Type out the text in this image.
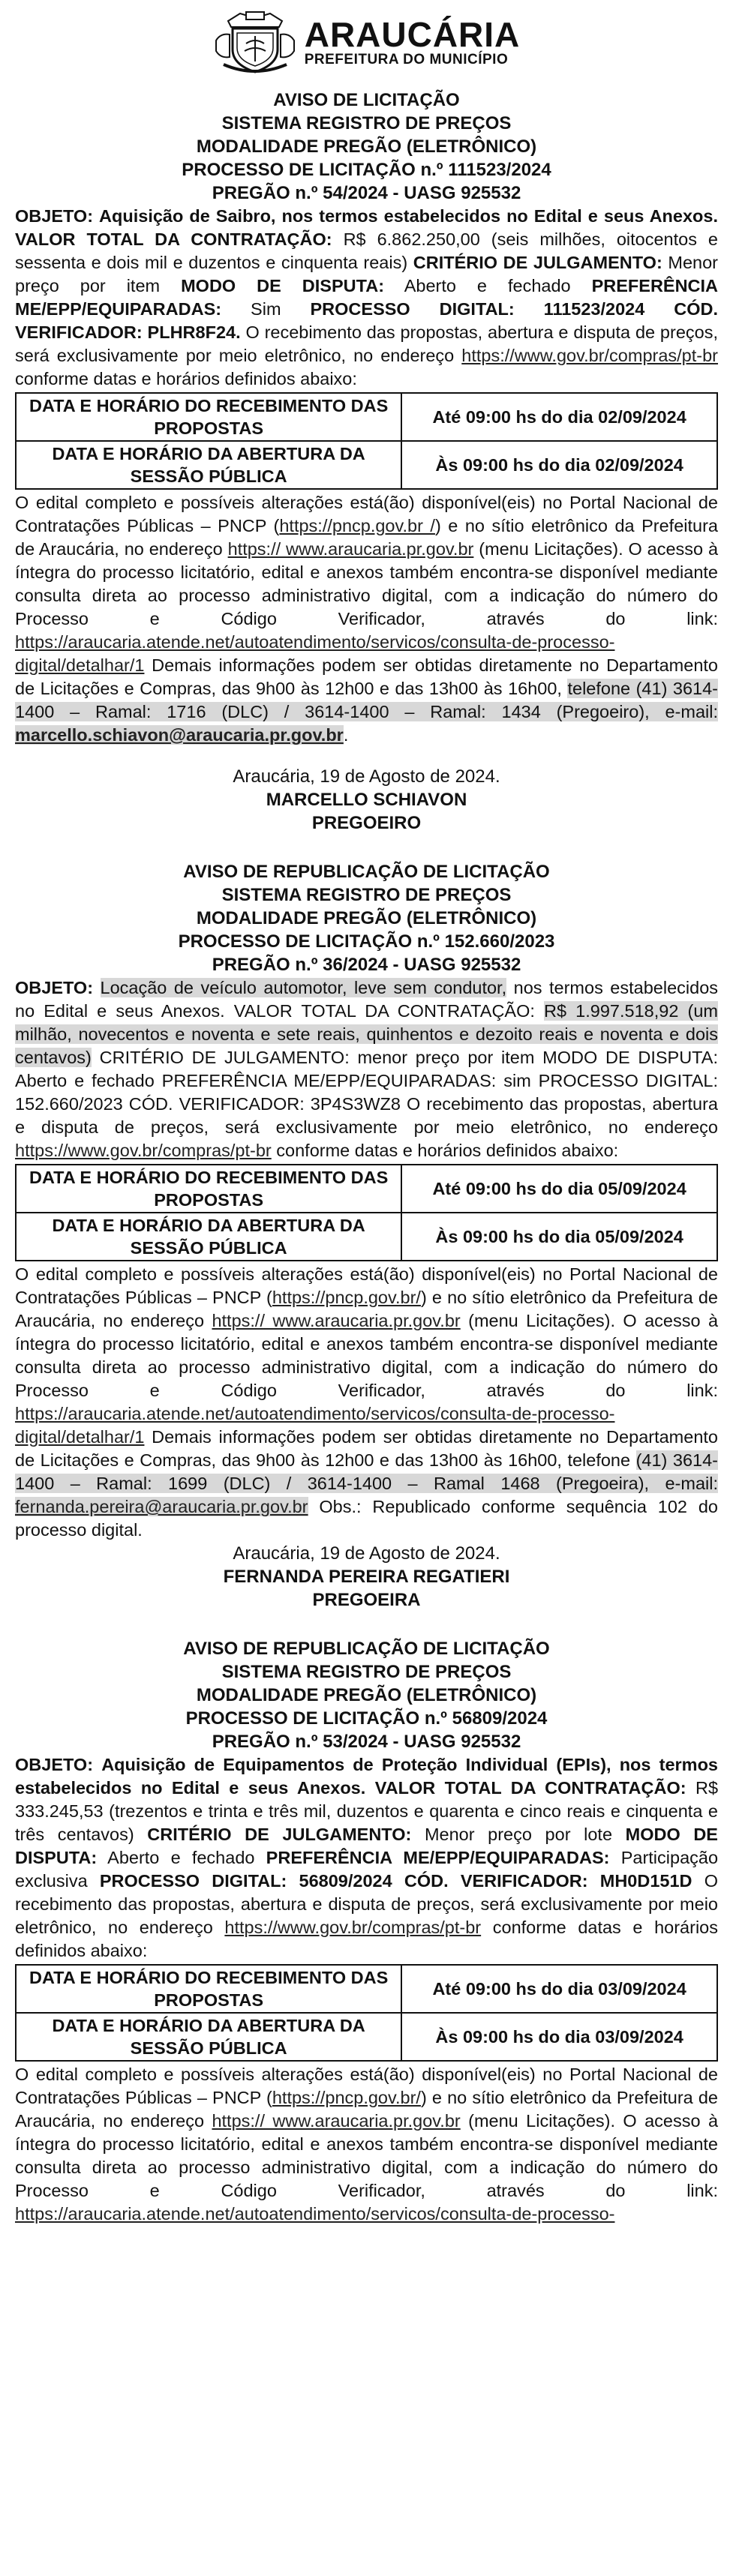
ARAUCÁRIA
PREFEITURA DO MUNICÍPIO

AVISO DE LICITAÇÃO

SISTEMA REGISTRO DE PREÇOS

MODALIDADE PREGÃO (ELETRÔNICO)

PROCESSO DE LICITAÇÃO n.º 111523/2024

PREGÃO n.º 54/2024 - UASG 925532

OBJETO: Aquisição de Saibro, nos termos estabelecidos no Edital e seus Anexos. VALOR TOTAL DA CONTRATAÇÃO: R$ 6.862.250,00 (seis milhões, oitocentos e sessenta e dois mil e duzentos e cinquenta reais) CRITÉRIO DE JULGAMENTO: Menor preço por item MODO DE DISPUTA: Aberto e fechado PREFERÊNCIA ME/EPP/EQUIPARADAS: Sim PROCESSO DIGITAL: 111523/2024 CÓD. VERIFICADOR: PLHR8F24. O recebimento das propostas, abertura e disputa de preços, será exclusivamente por meio eletrônico, no endereço https://www.gov.br/compras/pt-br conforme datas e horários definidos abaixo:

DATA E HORÁRIO DO RECEBIMENTO DAS PROPOSTAS	Até 09:00 hs do dia 02/09/2024
DATA E HORÁRIO DA ABERTURA DA SESSÃO PÚBLICA	Às 09:00 hs do dia 02/09/2024

O edital completo e possíveis alterações está(ão) disponível(eis) no Portal Nacional de Contratações Públicas – PNCP (https://pncp.gov.br /) e no sítio eletrônico da Prefeitura de Araucária, no endereço https:// www.araucaria.pr.gov.br (menu Licitações). O acesso à íntegra do processo licitatório, edital e anexos também encontra-se disponível mediante consulta direta ao processo administrativo digital, com a indicação do número do Processo e Código Verificador, através do link: https://araucaria.atende.net/autoatendimento/servicos/consulta-de-processo-digital/detalhar/1 Demais informações podem ser obtidas diretamente no Departamento de Licitações e Compras, das 9h00 às 12h00 e das 13h00 às 16h00, telefone (41) 3614-1400 – Ramal: 1716 (DLC) / 3614-1400 – Ramal: 1434 (Pregoeiro), e-mail: marcello.schiavon@araucaria.pr.gov.br.

Araucária, 19 de Agosto de 2024.

MARCELLO SCHIAVON

PREGOEIRO

AVISO DE REPUBLICAÇÃO DE LICITAÇÃO

SISTEMA REGISTRO DE PREÇOS

MODALIDADE PREGÃO (ELETRÔNICO)

PROCESSO DE LICITAÇÃO n.º 152.660/2023

PREGÃO n.º 36/2024 - UASG 925532

OBJETO: Locação de veículo automotor, leve sem condutor, nos termos estabelecidos no Edital e seus Anexos. VALOR TOTAL DA CONTRATAÇÃO: R$ 1.997.518,92 (um milhão, novecentos e noventa e sete reais, quinhentos e dezoito reais e noventa e dois centavos) CRITÉRIO DE JULGAMENTO: menor preço por item MODO DE DISPUTA: Aberto e fechado PREFERÊNCIA ME/EPP/EQUIPARADAS: sim PROCESSO DIGITAL: 152.660/2023 CÓD. VERIFICADOR: 3P4S3WZ8 O recebimento das propostas, abertura e disputa de preços, será exclusivamente por meio eletrônico, no endereço https://www.gov.br/compras/pt-br conforme datas e horários definidos abaixo:

DATA E HORÁRIO DO RECEBIMENTO DAS PROPOSTAS	Até 09:00 hs do dia 05/09/2024
DATA E HORÁRIO DA ABERTURA DA SESSÃO PÚBLICA	Às 09:00 hs do dia 05/09/2024

O edital completo e possíveis alterações está(ão) disponível(eis) no Portal Nacional de Contratações Públicas – PNCP (https://pncp.gov.br/) e no sítio eletrônico da Prefeitura de Araucária, no endereço https:// www.araucaria.pr.gov.br (menu Licitações). O acesso à íntegra do processo licitatório, edital e anexos também encontra-se disponível mediante consulta direta ao processo administrativo digital, com a indicação do número do Processo e Código Verificador, através do link: https://araucaria.atende.net/autoatendimento/servicos/consulta-de-processo-digital/detalhar/1 Demais informações podem ser obtidas diretamente no Departamento de Licitações e Compras, das 9h00 às 12h00 e das 13h00 às 16h00, telefone (41) 3614-1400 – Ramal: 1699 (DLC) / 3614-1400 – Ramal 1468 (Pregoeira), e-mail: fernanda.pereira@araucaria.pr.gov.br Obs.: Republicado conforme sequência 102 do processo digital.

Araucária, 19 de Agosto de 2024.

FERNANDA PEREIRA REGATIERI

PREGOEIRA

AVISO DE REPUBLICAÇÃO DE LICITAÇÃO

SISTEMA REGISTRO DE PREÇOS

MODALIDADE PREGÃO (ELETRÔNICO)

PROCESSO DE LICITAÇÃO n.º 56809/2024

PREGÃO n.º 53/2024 - UASG 925532

OBJETO: Aquisição de Equipamentos de Proteção Individual (EPIs), nos termos estabelecidos no Edital e seus Anexos. VALOR TOTAL DA CONTRATAÇÃO: R$ 333.245,53 (trezentos e trinta e três mil, duzentos e quarenta e cinco reais e cinquenta e três centavos) CRITÉRIO DE JULGAMENTO: Menor preço por lote MODO DE DISPUTA: Aberto e fechado PREFERÊNCIA ME/EPP/EQUIPARADAS: Participação exclusiva PROCESSO DIGITAL: 56809/2024 CÓD. VERIFICADOR: MH0D151D O recebimento das propostas, abertura e disputa de preços, será exclusivamente por meio eletrônico, no endereço https://www.gov.br/compras/pt-br conforme datas e horários definidos abaixo:

DATA E HORÁRIO DO RECEBIMENTO DAS PROPOSTAS	Até 09:00 hs do dia 03/09/2024
DATA E HORÁRIO DA ABERTURA DA SESSÃO PÚBLICA	Às 09:00 hs do dia 03/09/2024

O edital completo e possíveis alterações está(ão) disponível(eis) no Portal Nacional de Contratações Públicas – PNCP (https://pncp.gov.br/) e no sítio eletrônico da Prefeitura de Araucária, no endereço https:// www.araucaria.pr.gov.br (menu Licitações). O acesso à íntegra do processo licitatório, edital e anexos também encontra-se disponível mediante consulta direta ao processo administrativo digital, com a indicação do número do Processo e Código Verificador, através do link: https://araucaria.atende.net/autoatendimento/servicos/consulta-de-processo-
